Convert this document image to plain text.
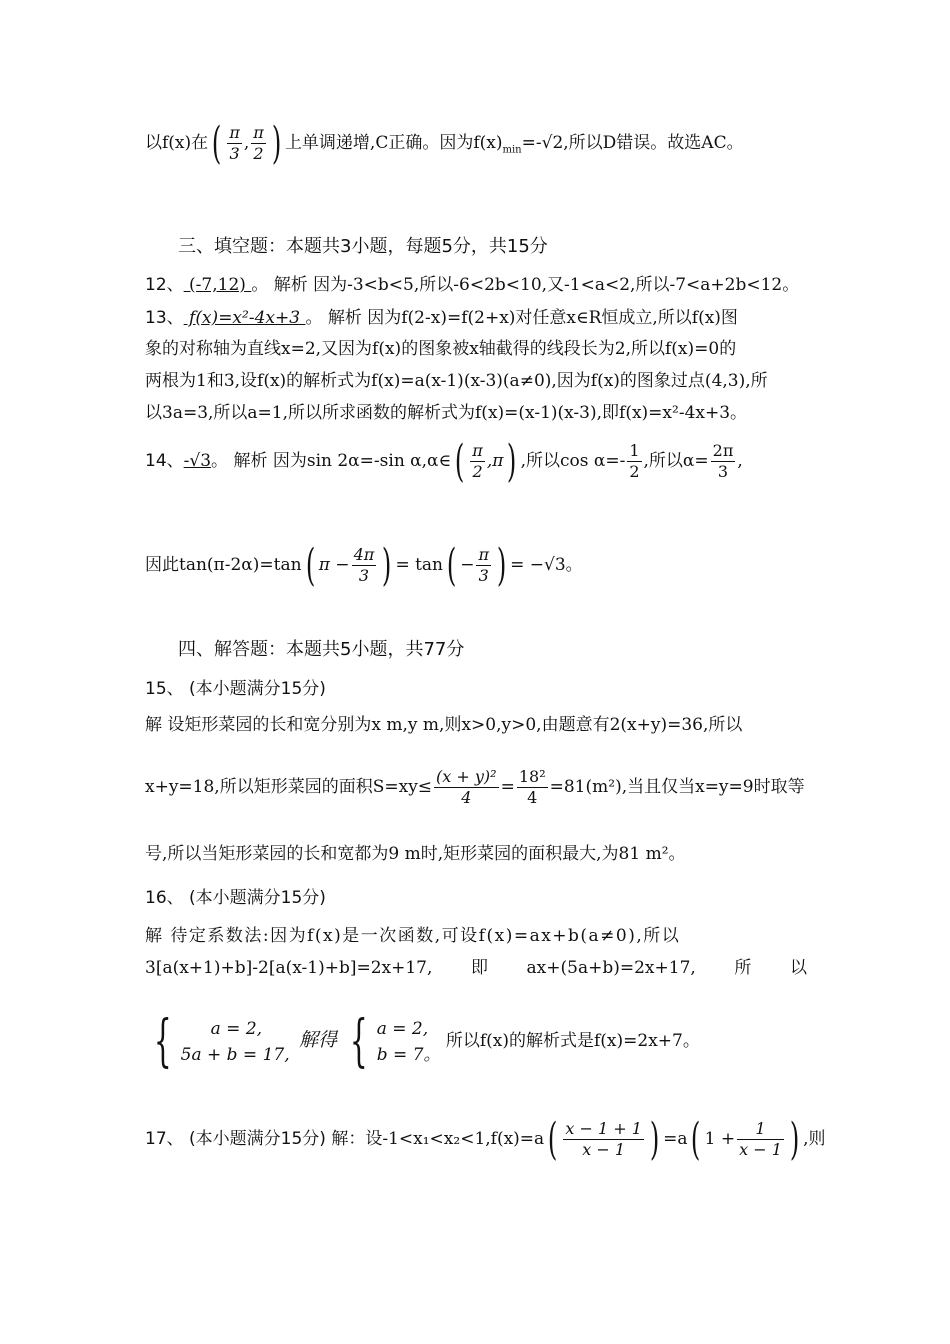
以f(x)在( $\frac{\pi}{3}$ , $\frac{\pi}{2}$ ) 上单调递增,C正确。因为$f(x)_{min}=-√2$,所以D错误。故选AC。
三、填空题：本题共3小题，每题5分，共15分
12、 (-7,12) 。 解析 因为-3<b<5,所以-6<2b<10,又-1<a<2,所以-7<a+2b<12。
13、 f(x)=x²-4x+3 。 解析 因为f(2-x)=f(2+x)对任意x∈R恒成立,所以f(x)图
象的对称轴为直线x=2,又因为f(x)的图象被x轴截得的线段长为2,所以f(x)=0的
两根为1和3,设f(x)的解析式为f(x)=a(x-1)(x-3)(a≠0),因为f(x)的图象过点(4,3),所
以3a=3,所以a=1,所以所求函数的解析式为f(x)=(x-1)(x-3),即f(x)=x²-4x+3。
14、-√3。 解析 因为sin 2α=-sin α,α∈( $\frac{\pi}{2} ,\pi$) ,所以$\cos \alpha=- \frac{1}{2}$ ,所以$\alpha= \frac{2\pi}{3}$ ,
因此tan(π-2α)=tan( $\pi - \frac{4\pi}{3}$ ) = $\tan( - \frac{\pi}{3}$ ) = −√3。
四、解答题：本题共5小题，共77分
15、 (本小题满分15分)
解 设矩形菜园的长和宽分别为x m,y m,则x>0,y>0,由题意有2(x+y)=36,所以
x+y=18,所以矩形菜园的面积$S=xy\le \frac{\text{(x + y)²}}{4} = \frac{\text{18²}}{4} =81(m^2)$,当且仅当x=y=9时取等
号,所以当矩形菜园的长和宽都为9 m时,矩形菜园的面积最大,为81 m²。
16、 (本小题满分15分)
解 待定系数法:因为f(x)是一次函数,可设f(x)=ax+b(a≠0),所以
3[a(x+1)+b]-2[a(x-1)+b]=2x+17, 即 ax+(5a+b)=2x+17, 所 以
{	a = 2,
5a + b = 17,
解得 { a = 2,
b = 7。
所以f(x)的解析式是f(x)=2x+7。
17、 (本小题满分15分) 解：设$-1<x_1<x_2<1,f(x)=a( \frac{x - 1 + 1}{x - 1}$ ) =a( $1 + \frac{1}{x - 1}$ ) ,则
